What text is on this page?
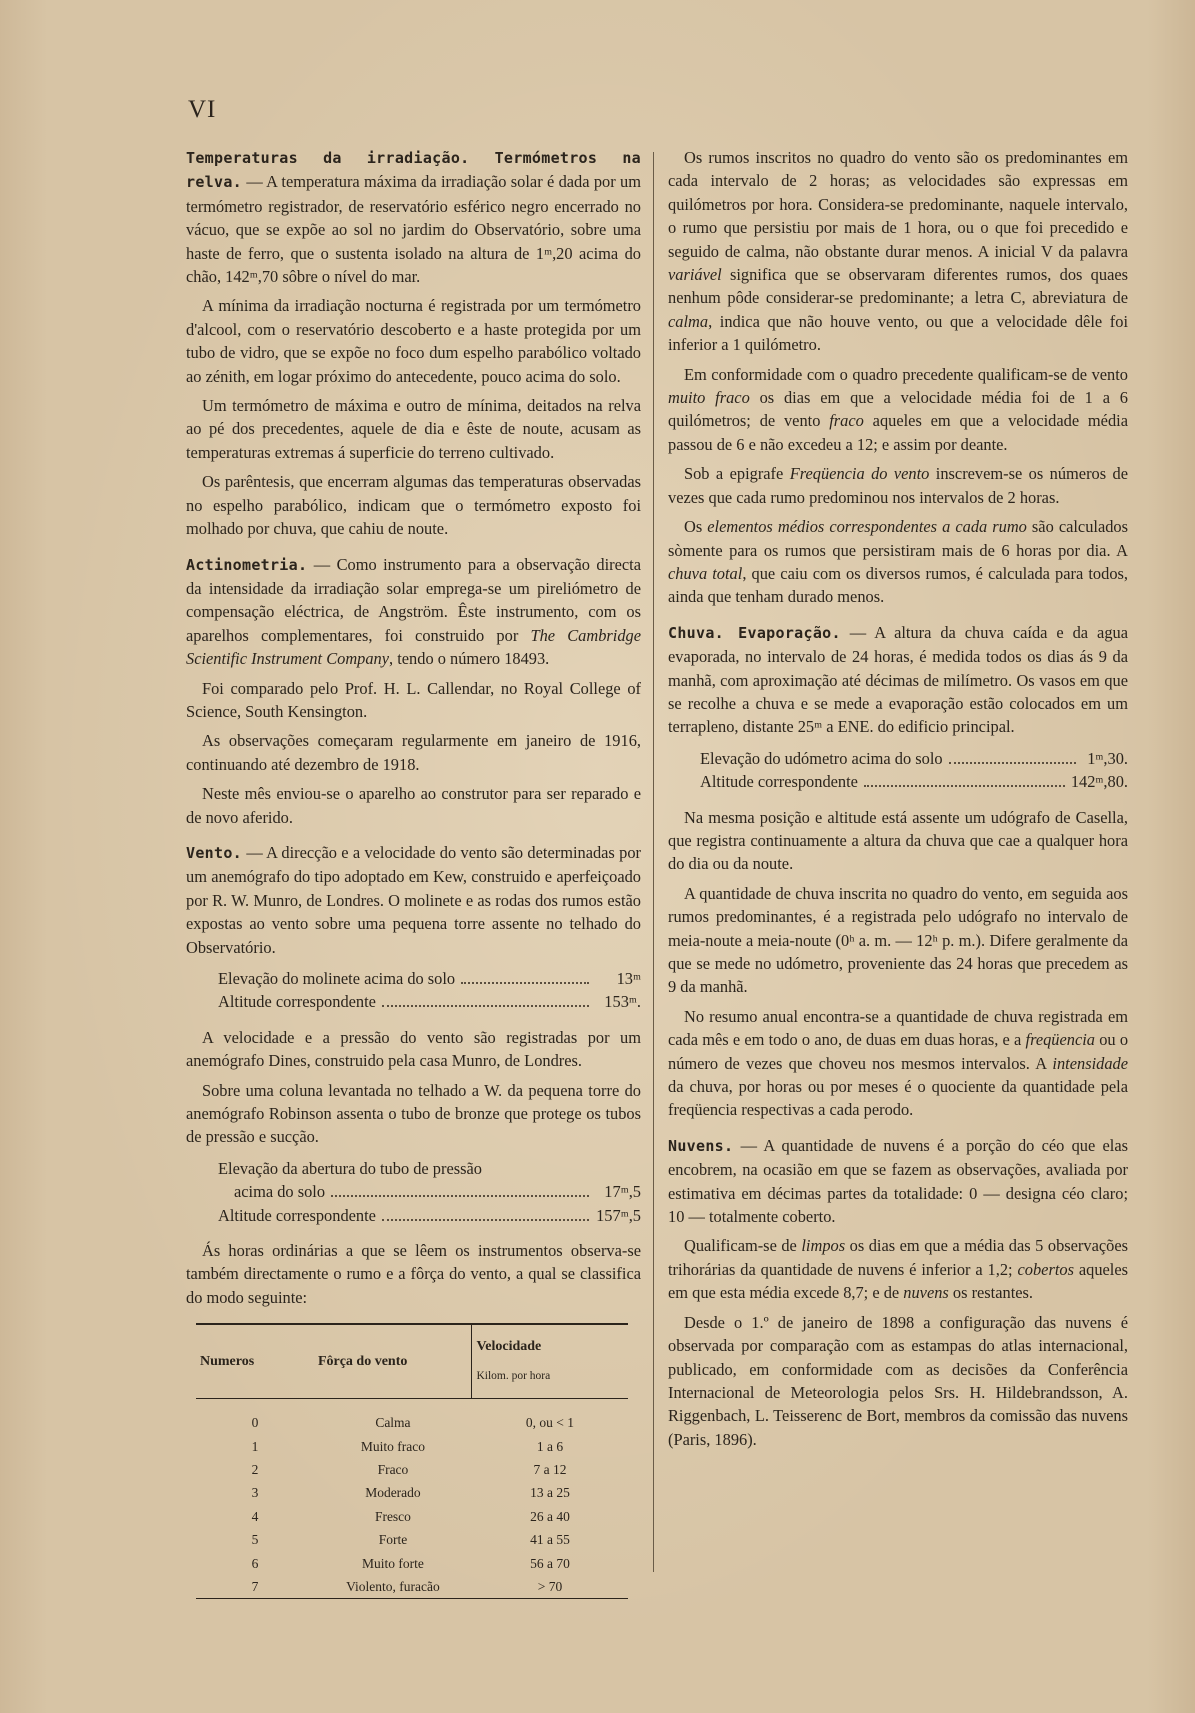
VI

Temperaturas da irradiação. Termómetros na relva. — A temperatura máxima da irradiação solar é dada por um termómetro registrador, de reservatório esférico negro encerrado no vácuo, que se expõe ao sol no jardim do Observatório, sobre uma haste de ferro, que o sustenta isolado na altura de 1ᵐ,20 acima do chão, 142ᵐ,70 sôbre o nível do mar.

A mínima da irradiação nocturna é registrada por um termómetro d'alcool, com o reservatório descoberto e a haste protegida por um tubo de vidro, que se expõe no foco dum espelho parabólico voltado ao zénith, em logar próximo do antecedente, pouco acima do solo.

Um termómetro de máxima e outro de mínima, deitados na relva ao pé dos precedentes, aquele de dia e êste de noute, acusam as temperaturas extremas á superficie do terreno cultivado.

Os parêntesis, que encerram algumas das temperaturas observadas no espelho parabólico, indicam que o termómetro exposto foi molhado por chuva, que cahiu de noute.

Actinometria. — Como instrumento para a observação directa da intensidade da irradiação solar emprega-se um pireliómetro de compensação eléctrica, de Angström. Êste instrumento, com os aparelhos complementares, foi construido por The Cambridge Scientific Instrument Company, tendo o número 18493.

Foi comparado pelo Prof. H. L. Callendar, no Royal College of Science, South Kensington.

As observações começaram regularmente em janeiro de 1916, continuando até dezembro de 1918.

Neste mês enviou-se o aparelho ao construtor para ser reparado e de novo aferido.

Vento. — A direcção e a velocidade do vento são determinadas por um anemógrafo do tipo adoptado em Kew, construido e aperfeiçoado por R. W. Munro, de Londres. O molinete e as rodas dos rumos estão expostas ao vento sobre uma pequena torre assente no telhado do Observatório.

Elevação do molinete acima do solo	13ᵐ
Altitude correspondente	153ᵐ.

A velocidade e a pressão do vento são registradas por um anemógrafo Dines, construido pela casa Munro, de Londres.

Sobre uma coluna levantada no telhado a W. da pequena torre do anemógrafo Robinson assenta o tubo de bronze que protege os tubos de pressão e sucção.

Elevação da abertura do tubo de pressão
acima do solo	17ᵐ,5
Altitude correspondente	157ᵐ,5

Ás horas ordinárias a que se lêem os instrumentos observa-se também directamente o rumo e a fôrça do vento, a qual se classifica do modo seguinte:

Numeros	Fôrça do vento	Velocidade
Kilom. por hora

0	Calma	0, ou < 1
1	Muito fraco	1 a 6
2	Fraco	7 a 12
3	Moderado	13 a 25
4	Fresco	26 a 40
5	Forte	41 a 55
6	Muito forte	56 a 70
7	Violento, furacão	> 70

Os rumos inscritos no quadro do vento são os predominantes em cada intervalo de 2 horas; as velocidades são expressas em quilómetros por hora. Considera-se predominante, naquele intervalo, o rumo que persistiu por mais de 1 hora, ou o que foi precedido e seguido de calma, não obstante durar menos. A inicial V da palavra variável significa que se observaram diferentes rumos, dos quaes nenhum pôde considerar-se predominante; a letra C, abreviatura de calma, indica que não houve vento, ou que a velocidade dêle foi inferior a 1 quilómetro.

Em conformidade com o quadro precedente qualificam-se de vento muito fraco os dias em que a velocidade média foi de 1 a 6 quilómetros; de vento fraco aqueles em que a velocidade média passou de 6 e não excedeu a 12; e assim por deante.

Sob a epigrafe Freqüencia do vento inscrevem-se os números de vezes que cada rumo predominou nos intervalos de 2 horas.

Os elementos médios correspondentes a cada rumo são calculados sòmente para os rumos que persistiram mais de 6 horas por dia. A chuva total, que caiu com os diversos rumos, é calculada para todos, ainda que tenham durado menos.

Chuva. Evaporação. — A altura da chuva caída e da agua evaporada, no intervalo de 24 horas, é medida todos os dias ás 9 da manhã, com aproximação até décimas de milímetro. Os vasos em que se recolhe a chuva e se mede a evaporação estão colocados em um terrapleno, distante 25ᵐ a ENE. do edificio principal.

Elevação do udómetro acima do solo	1ᵐ,30.
Altitude correspondente	142ᵐ,80.

Na mesma posição e altitude está assente um udógrafo de Casella, que registra continuamente a altura da chuva que cae a qualquer hora do dia ou da noute.

A quantidade de chuva inscrita no quadro do vento, em seguida aos rumos predominantes, é a registrada pelo udógrafo no intervalo de meia-noute a meia-noute (0ʰ a. m. — 12ʰ p. m.). Difere geralmente da que se mede no udómetro, proveniente das 24 horas que precedem as 9 da manhã.

No resumo anual encontra-se a quantidade de chuva registrada em cada mês e em todo o ano, de duas em duas horas, e a freqüencia ou o número de vezes que choveu nos mesmos intervalos. A intensidade da chuva, por horas ou por meses é o quociente da quantidade pela freqüencia respectivas a cada perodo.

Nuvens. — A quantidade de nuvens é a porção do céo que elas encobrem, na ocasião em que se fazem as observações, avaliada por estimativa em décimas partes da totalidade: 0 — designa céo claro; 10 — totalmente coberto.

Qualificam-se de limpos os dias em que a média das 5 observações trihorárias da quantidade de nuvens é inferior a 1,2; cobertos aqueles em que esta média excede 8,7; e de nuvens os restantes.

Desde o 1.º de janeiro de 1898 a configuração das nuvens é observada por comparação com as estampas do atlas internacional, publicado, em conformidade com as decisões da Conferência Internacional de Meteorologia pelos Srs. H. Hildebrandsson, A. Riggenbach, L. Teisserenc de Bort, membros da comissão das nuvens (Paris, 1896).
